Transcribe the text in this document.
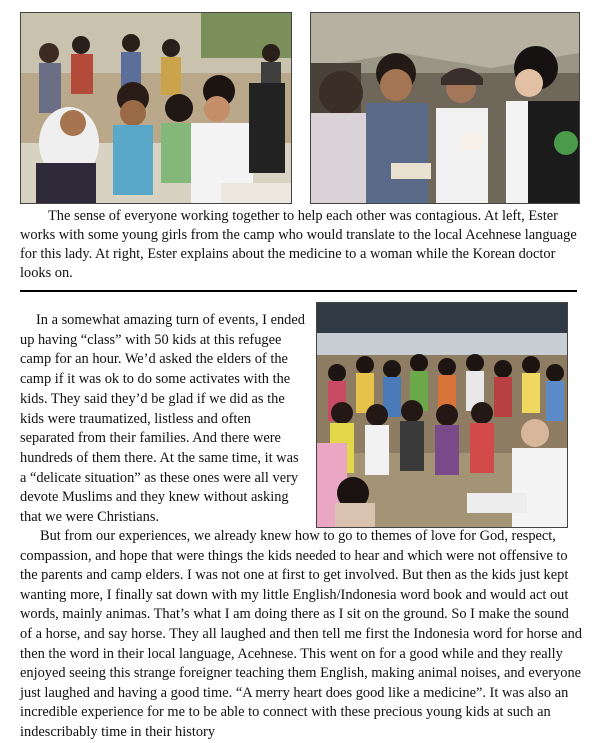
The sense of everyone working together to help each other was contagious. At left, Ester works with some young girls from the camp who would translate to the local Acehnese language for this lady. At right, Ester explains about the medicine to a woman while the Korean doctor looks on.

In a somewhat amazing turn of events, I ended up having “class” with 50 kids at this refugee camp for an hour. We’d asked the elders of the camp if it was ok to do some activates with the kids. They said they’d be glad if we did as the kids were traumatized, listless and often separated from their families. And there were hundreds of them there. At the same time, it was a “delicate situation” as these ones were all very devote Muslims and they knew without asking that we were Christians.

But from our experiences, we already knew how to go to themes of love for God, respect, compassion, and hope that were things the kids needed to hear and which were not offensive to the parents and camp elders. I was not one at first to get involved. But then as the kids just kept wanting more, I finally sat down with my little English/Indonesia word book and would act out words, mainly animas. That’s what I am doing there as I sit on the ground. So I make the sound of a horse, and say horse. They all laughed and then tell me first the Indonesia word for horse and then the word in their local language, Acehnese. This went on for a good while and they really enjoyed seeing this strange foreigner teaching them English, making animal noises, and everyone just laughed and having a good time. “A merry heart does good like a medicine”. It was also an incredible experience for me to be able to connect with these precious young kids at such an indescribably time in their history
